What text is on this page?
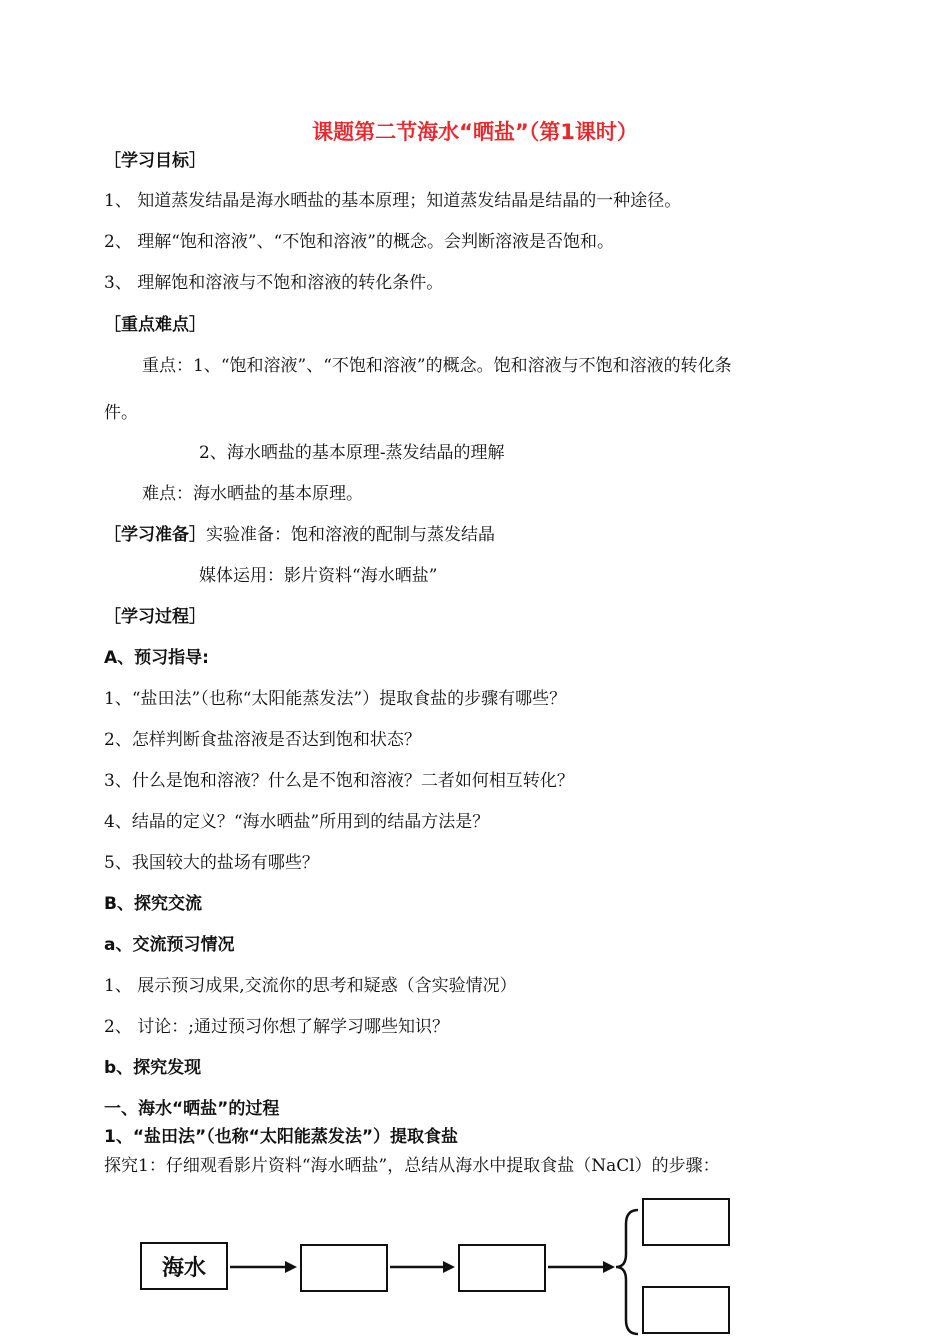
课题第二节海水“晒盐”（第1课时）
［学习目标］
1、 知道蒸发结晶是海水晒盐的基本原理；知道蒸发结晶是结晶的一种途径。
2、 理解“饱和溶液”、“不饱和溶液”的概念。会判断溶液是否饱和。
3、 理解饱和溶液与不饱和溶液的转化条件。
［重点难点］
重点：1、“饱和溶液”、“不饱和溶液”的概念。饱和溶液与不饱和溶液的转化条
件。
2、海水晒盐的基本原理-蒸发结晶的理解
难点：海水晒盐的基本原理。
［学习准备］实验准备：饱和溶液的配制与蒸发结晶
媒体运用：影片资料“海水晒盐”
［学习过程］
A、预习指导:
1、“盐田法”（也称“太阳能蒸发法”）提取食盐的步骤有哪些？
2、怎样判断食盐溶液是否达到饱和状态？
3、什么是饱和溶液？什么是不饱和溶液？二者如何相互转化？
4、结晶的定义？“海水晒盐”所用到的结晶方法是？
5、我国较大的盐场有哪些？
B、探究交流
a、交流预习情况
1、 展示预习成果,交流你的思考和疑惑（含实验情况）
2、 讨论：;通过预习你想了解学习哪些知识？
b、探究发现
一、海水“晒盐”的过程
1、“盐田法”（也称“太阳能蒸发法”）提取食盐
探究1：仔细观看影片资料“海水晒盐”，总结从海水中提取食盐（NaCl）的步骤：
海水
